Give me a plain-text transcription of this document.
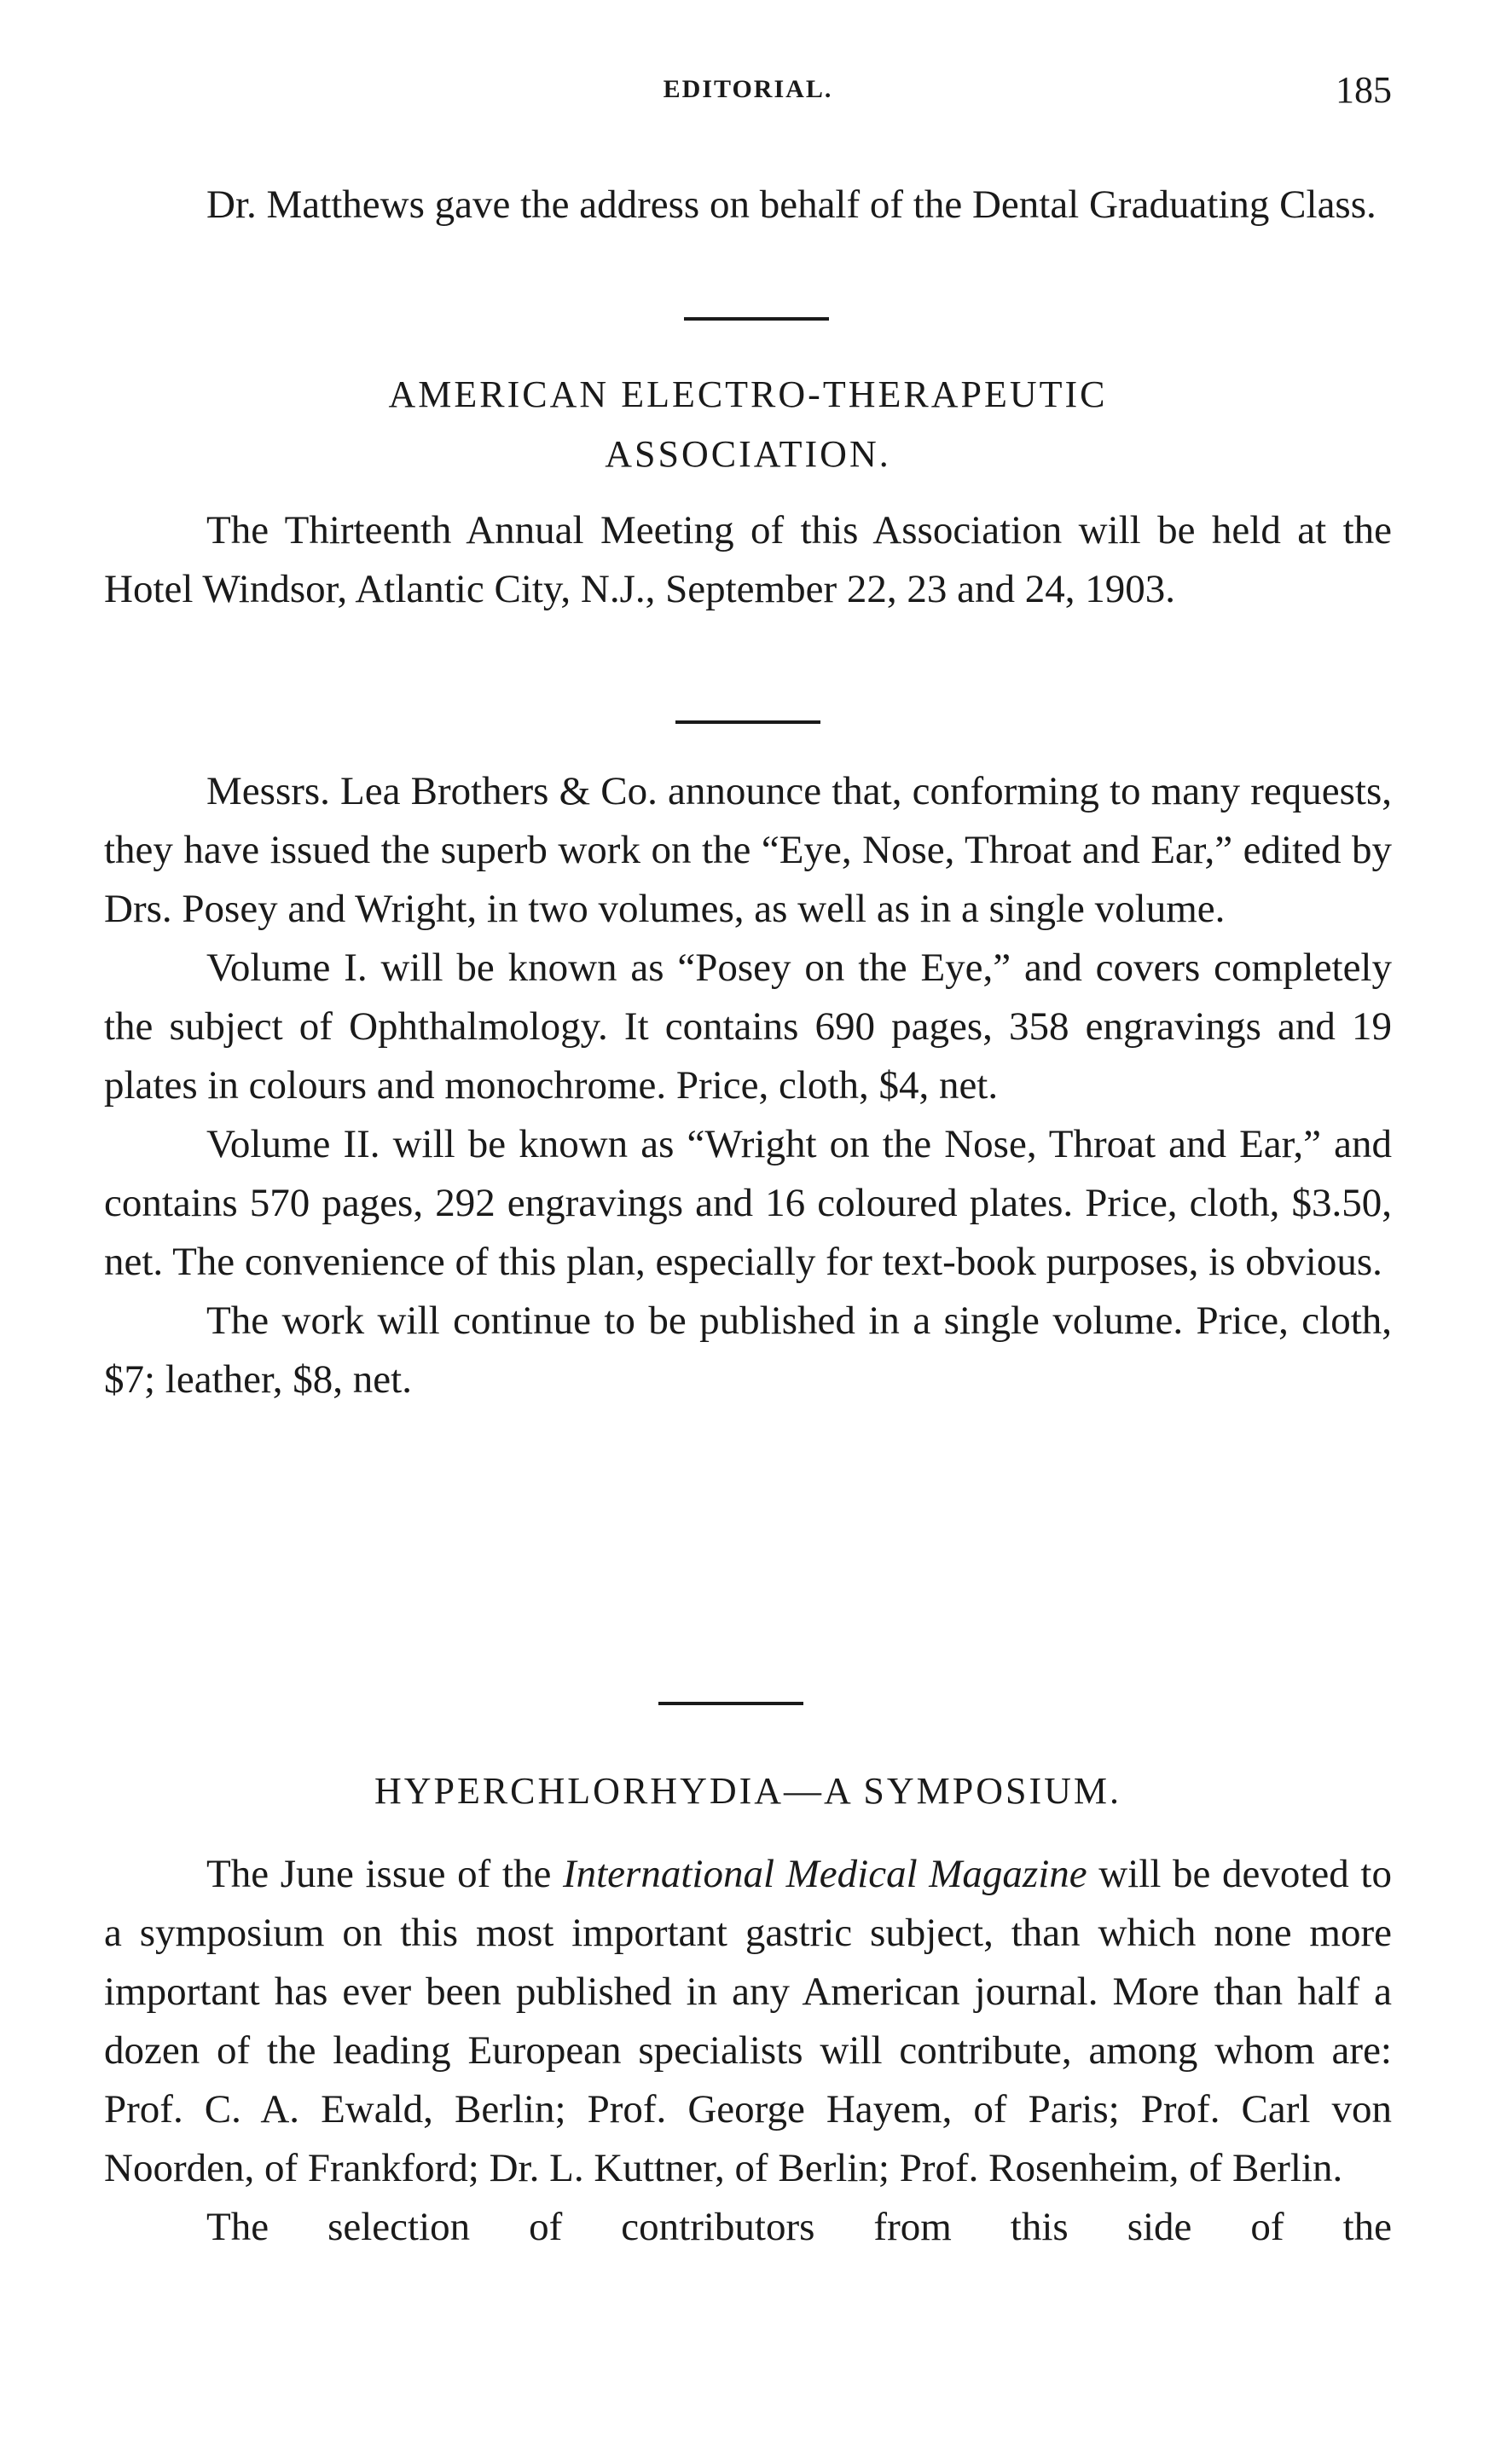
EDITORIAL.	185

Dr. Matthews gave the address on behalf of the Dental Graduating Class.

AMERICAN ELECTRO-THERAPEUTIC
ASSOCIATION.

The Thirteenth Annual Meeting of this Association will be held at the Hotel Windsor, Atlantic City, N.J., September 22, 23 and 24, 1903.

Messrs. Lea Brothers & Co. announce that, conforming to many requests, they have issued the superb work on the “Eye, Nose, Throat and Ear,” edited by Drs. Posey and Wright, in two volumes, as well as in a single volume.

Volume I. will be known as “Posey on the Eye,” and covers completely the subject of Ophthalmology. It contains 690 pages, 358 engravings and 19 plates in colours and monochrome. Price, cloth, $4, net.

Volume II. will be known as “Wright on the Nose, Throat and Ear,” and contains 570 pages, 292 engravings and 16 coloured plates. Price, cloth, $3.50, net. The convenience of this plan, especially for text-book purposes, is obvious.

The work will continue to be published in a single volume. Price, cloth, $7; leather, $8, net.

HYPERCHLORHYDIA—A SYMPOSIUM.

The June issue of the International Medical Magazine will be devoted to a symposium on this most important gastric subject, than which none more important has ever been published in any American journal. More than half a dozen of the leading European specialists will contribute, among whom are: Prof. C. A. Ewald, Berlin; Prof. George Hayem, of Paris; Prof. Carl von Noorden, of Frankford; Dr. L. Kuttner, of Berlin; Prof. Rosenheim, of Berlin.

The selection of contributors from this side of the
